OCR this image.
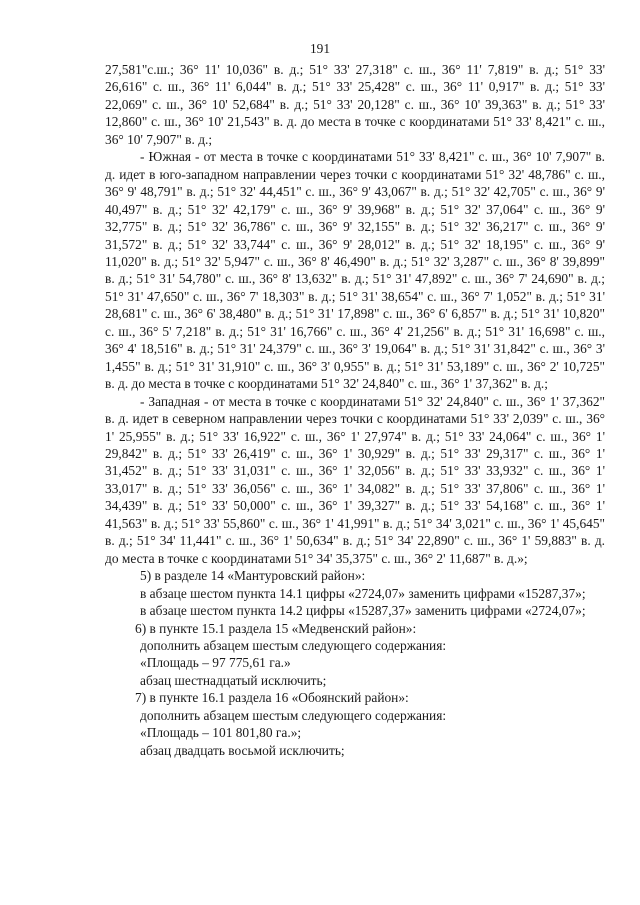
191

27,581"с.ш.; 36° 11' 10,036" в. д.; 51° 33' 27,318" с. ш., 36° 11' 7,819" в. д.; 51° 33' 26,616" с. ш., 36° 11' 6,044" в. д.; 51° 33' 25,428" с. ш., 36° 11' 0,917" в. д.; 51° 33' 22,069" с. ш., 36° 10' 52,684" в. д.; 51° 33' 20,128" с. ш., 36° 10' 39,363" в. д.; 51° 33' 12,860" с. ш., 36° 10' 21,543" в. д. до места в точке с координатами 51° 33' 8,421" с. ш., 36° 10' 7,907" в. д.;

- Южная - от места в точке с координатами 51° 33' 8,421" с. ш., 36° 10' 7,907" в. д. идет в юго-западном направлении через точки с координатами 51° 32' 48,786" с. ш., 36° 9' 48,791" в. д.; 51° 32' 44,451" с. ш., 36° 9' 43,067" в. д.; 51° 32' 42,705" с. ш., 36° 9' 40,497" в. д.; 51° 32' 42,179" с. ш., 36° 9' 39,968" в. д.; 51° 32' 37,064" с. ш., 36° 9' 32,775" в. д.; 51° 32' 36,786" с. ш., 36° 9' 32,155" в. д.; 51° 32' 36,217" с. ш., 36° 9' 31,572" в. д.; 51° 32' 33,744" с. ш., 36° 9' 28,012" в. д.; 51° 32' 18,195" с. ш., 36° 9' 11,020" в. д.; 51° 32' 5,947" с. ш., 36° 8' 46,490" в. д.; 51° 32' 3,287" с. ш., 36° 8' 39,899" в. д.; 51° 31' 54,780" с. ш., 36° 8' 13,632" в. д.; 51° 31' 47,892" с. ш., 36° 7' 24,690" в. д.; 51° 31' 47,650" с. ш., 36° 7' 18,303" в. д.; 51° 31' 38,654" с. ш., 36° 7' 1,052" в. д.; 51° 31' 28,681" с. ш., 36° 6' 38,480" в. д.; 51° 31' 17,898" с. ш., 36° 6' 6,857" в. д.; 51° 31' 10,820" с. ш., 36° 5' 7,218" в. д.; 51° 31' 16,766" с. ш., 36° 4' 21,256" в. д.; 51° 31' 16,698" с. ш., 36° 4' 18,516" в. д.; 51° 31' 24,379" с. ш., 36° 3' 19,064" в. д.; 51° 31' 31,842" с. ш., 36° 3' 1,455" в. д.; 51° 31' 31,910" с. ш., 36° 3' 0,955" в. д.; 51° 31' 53,189" с. ш., 36° 2' 10,725" в. д. до места в точке с координатами 51° 32' 24,840" с. ш., 36° 1' 37,362" в. д.;

- Западная - от места в точке с координатами 51° 32' 24,840" с. ш., 36° 1' 37,362" в. д. идет в северном направлении через точки с координатами 51° 33' 2,039" с. ш., 36° 1' 25,955" в. д.; 51° 33' 16,922" с. ш., 36° 1' 27,974" в. д.; 51° 33' 24,064" с. ш., 36° 1' 29,842" в. д.; 51° 33' 26,419" с. ш., 36° 1' 30,929" в. д.; 51° 33' 29,317" с. ш., 36° 1' 31,452" в. д.; 51° 33' 31,031" с. ш., 36° 1' 32,056" в. д.; 51° 33' 33,932" с. ш., 36° 1' 33,017" в. д.; 51° 33' 36,056" с. ш., 36° 1' 34,082" в. д.; 51° 33' 37,806" с. ш., 36° 1' 34,439" в. д.; 51° 33' 50,000" с. ш., 36° 1' 39,327" в. д.; 51° 33' 54,168" с. ш., 36° 1' 41,563" в. д.; 51° 33' 55,860" с. ш., 36° 1' 41,991" в. д.; 51° 34' 3,021" с. ш., 36° 1' 45,645" в. д.; 51° 34' 11,441" с. ш., 36° 1' 50,634" в. д.; 51° 34' 22,890" с. ш., 36° 1' 59,883" в. д. до места в точке с координатами 51° 34' 35,375" с. ш., 36° 2' 11,687" в. д.»;

5) в разделе 14 «Мантуровский район»:

в абзаце шестом пункта 14.1 цифры «2724,07» заменить цифрами «15287,37»;

в абзаце шестом пункта 14.2 цифры «15287,37» заменить цифрами «2724,07»;

6) в пункте 15.1 раздела 15 «Медвенский район»:

дополнить абзацем шестым следующего содержания:

«Площадь – 97 775,61 га.»

абзац шестнадцатый исключить;

7) в пункте 16.1 раздела 16 «Обоянский район»:

дополнить абзацем шестым следующего содержания:

«Площадь – 101 801,80 га.»;

абзац двадцать восьмой исключить;
